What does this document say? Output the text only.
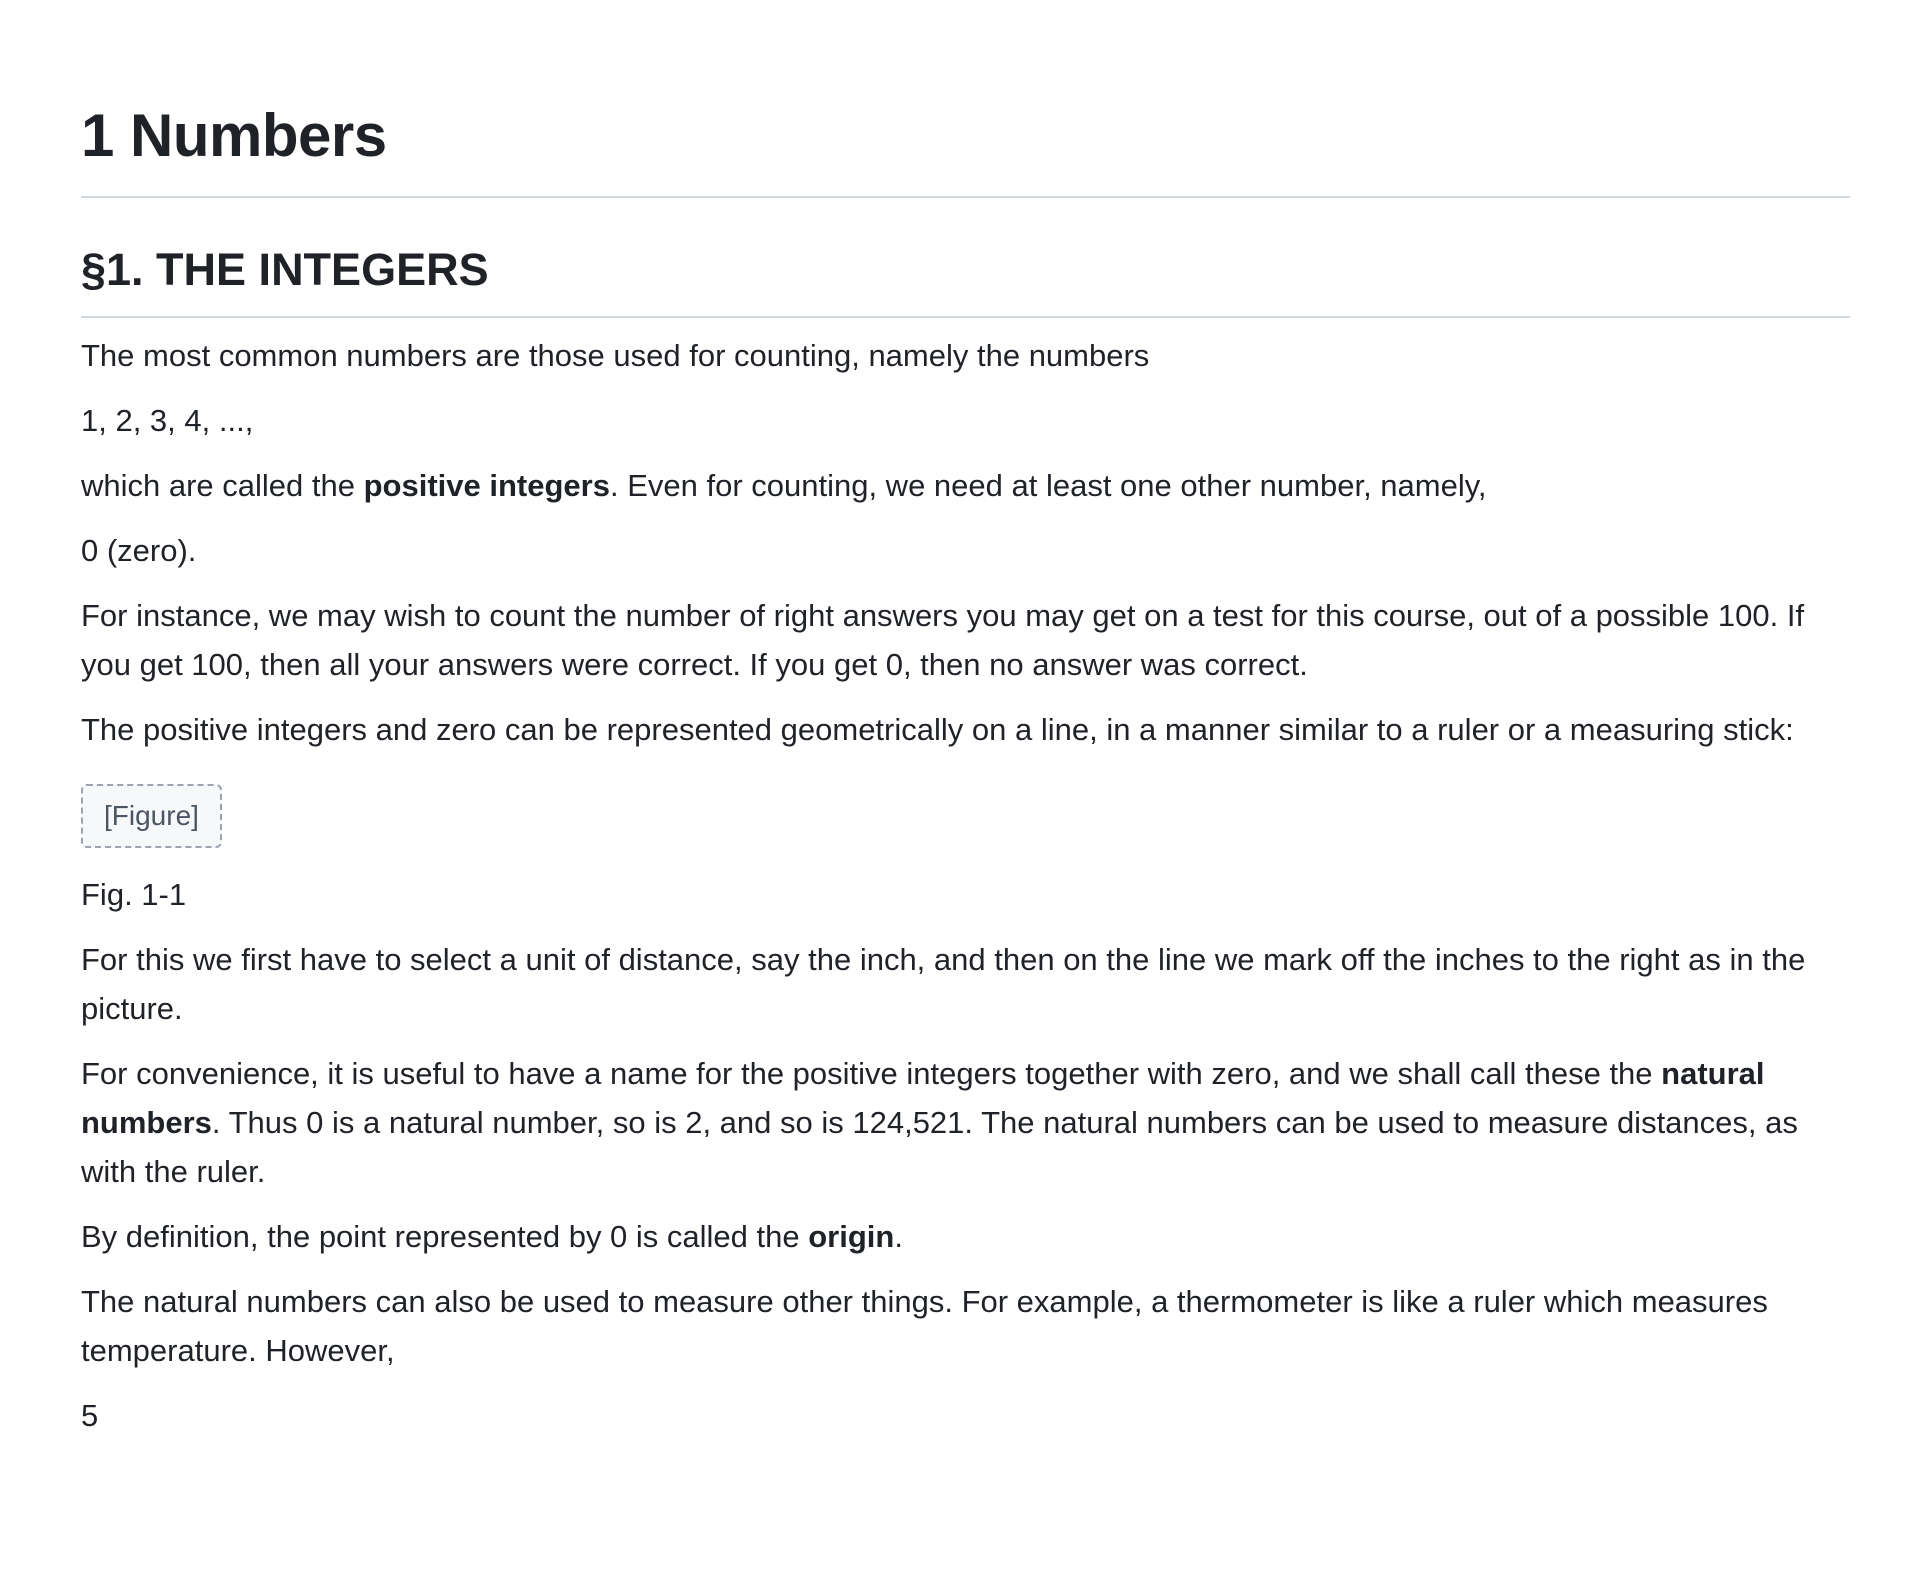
1 Numbers
§1. THE INTEGERS

The most common numbers are those used for counting, namely the numbers

1, 2, 3, 4, ...,

which are called the positive integers. Even for counting, we need at least one other number, namely,

0 (zero).

For instance, we may wish to count the number of right answers you may get on a test for this course, out of a possible 100. If you get 100, then all your answers were correct. If you get 0, then no answer was correct.

The positive integers and zero can be represented geometrically on a line, in a manner similar to a ruler or a measuring stick:

[Figure]

Fig. 1-1

For this we first have to select a unit of distance, say the inch, and then on the line we mark off the inches to the right as in the picture.

For convenience, it is useful to have a name for the positive integers together with zero, and we shall call these the natural numbers. Thus 0 is a natural number, so is 2, and so is 124,521. The natural numbers can be used to measure distances, as with the ruler.

By definition, the point represented by 0 is called the origin.

The natural numbers can also be used to measure other things. For example, a thermometer is like a ruler which measures temperature. However,

5
